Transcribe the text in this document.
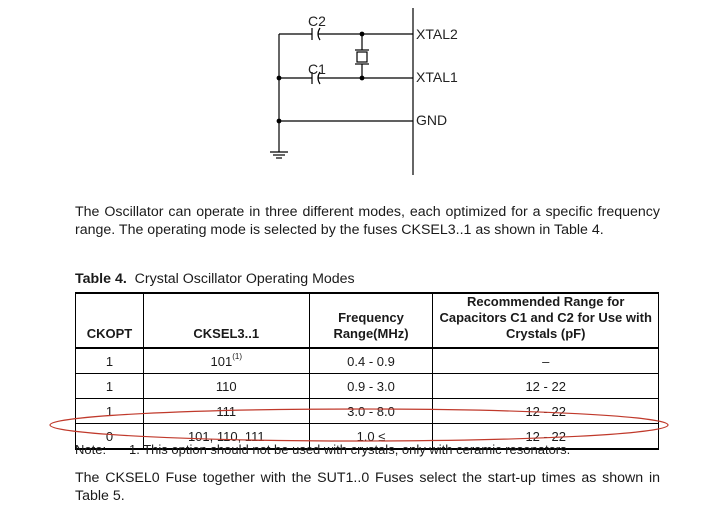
C2
C1
XTAL2
XTAL1
GND

The Oscillator can operate in three different modes, each optimized for a specific frequency range. The operating mode is selected by the fuses CKSEL3..1 as shown in Table 4.

Table 4. Crystal Oscillator Operating Modes

CKOPT	CKSEL3..1	Frequency Range(MHz)	Recommended Range for Capacitors C1 and C2 for Use with Crystals (pF)
1	101$^{(1)}$	0.4 - 0.9	–
1	110	0.9 - 3.0	12 - 22
1	111	3.0 - 8.0	12 - 22
0	101, 110, 111	1.0 ≤	12 - 22

Note: 1. This option should not be used with crystals, only with ceramic resonators.

The CKSEL0 Fuse together with the SUT1..0 Fuses select the start-up times as shown in Table 5.
